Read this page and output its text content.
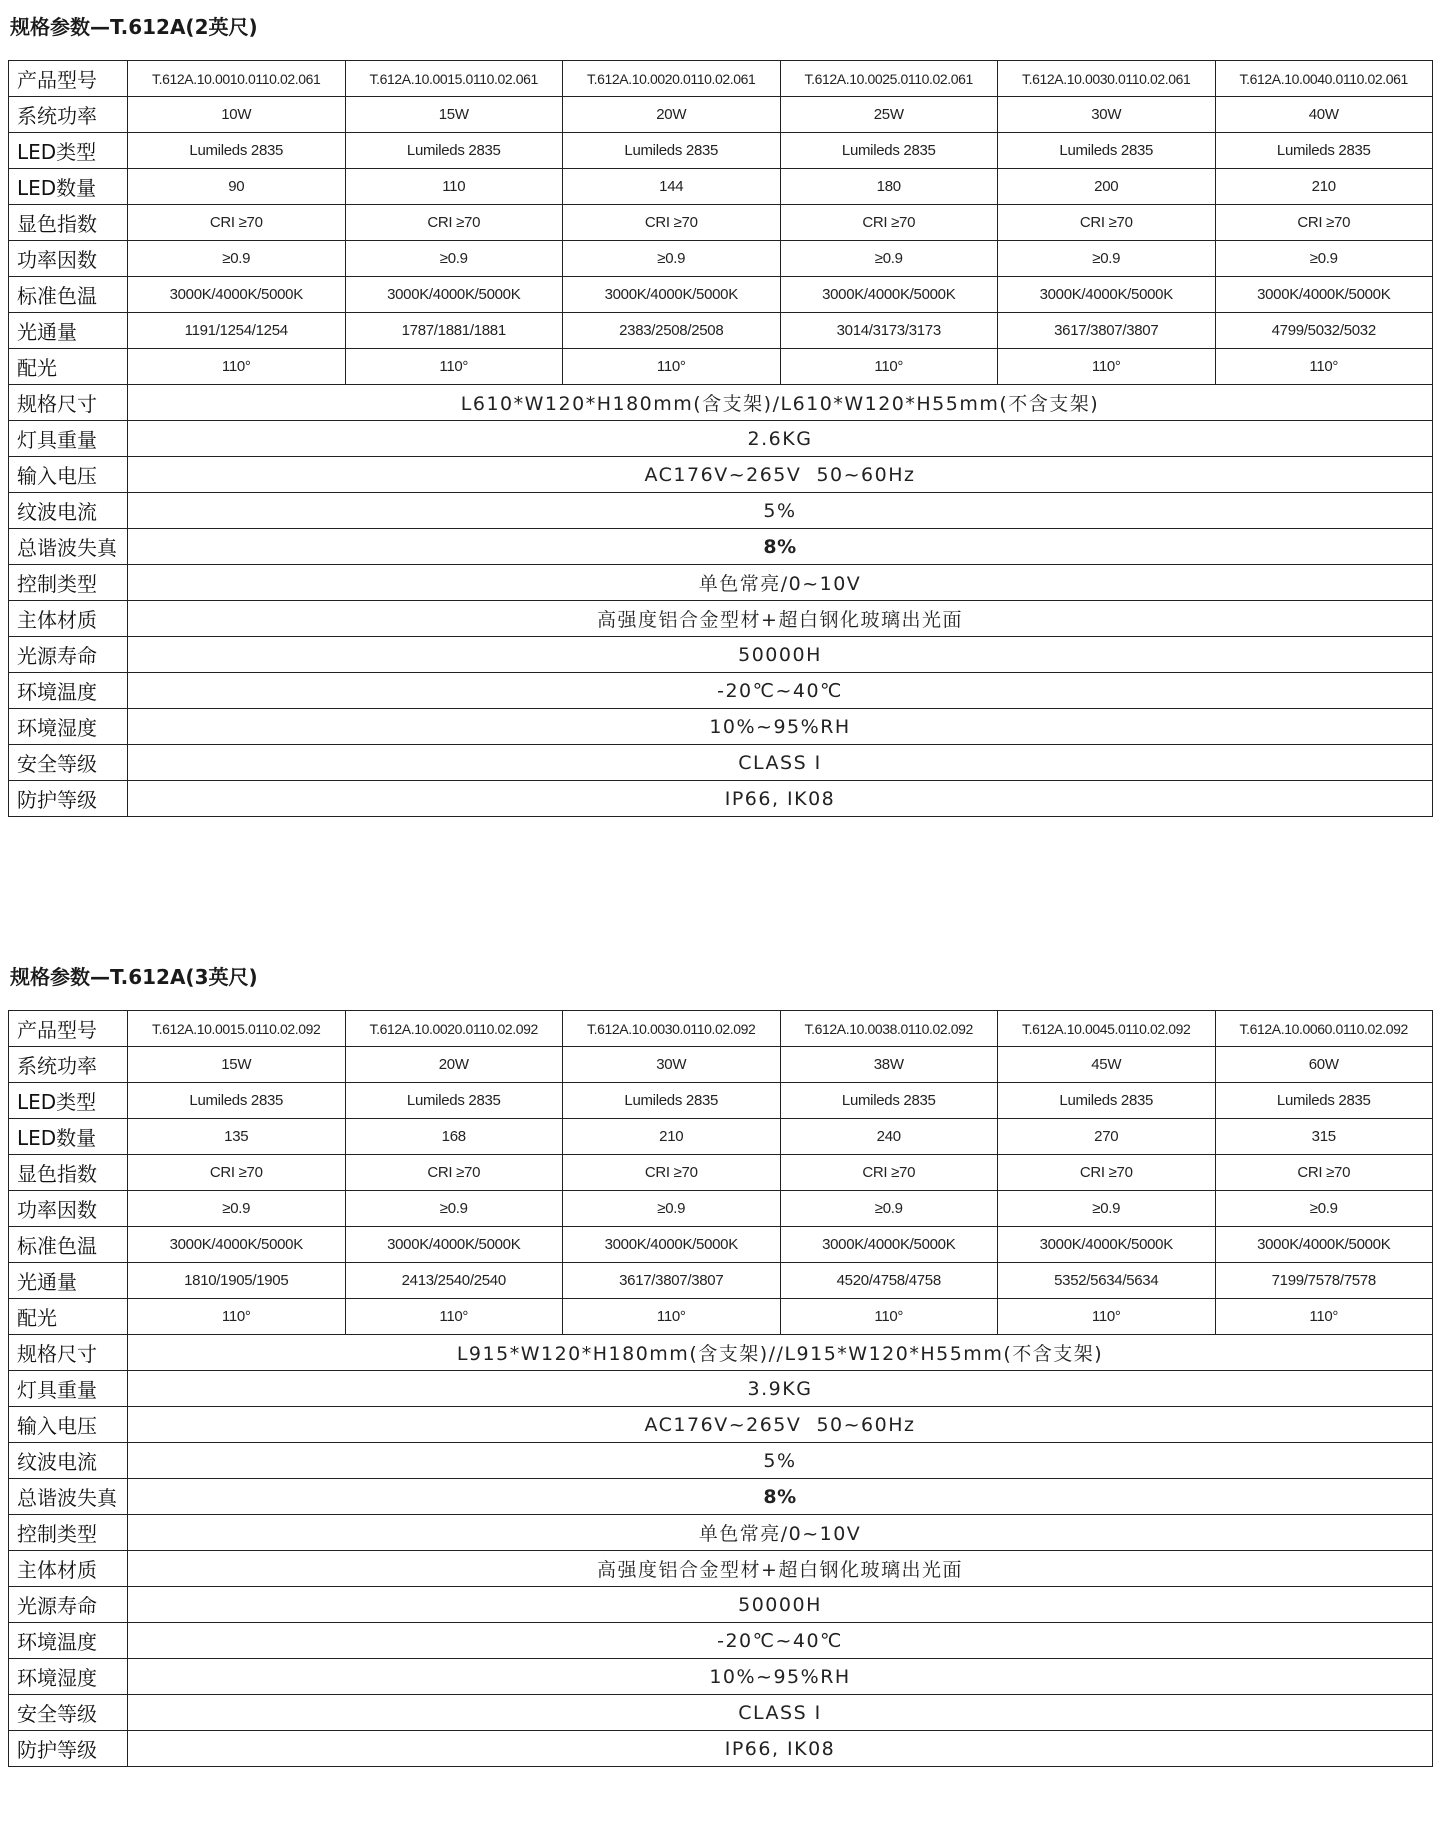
规格参数—T.612A(2英尺)
产品型号	T.612A.10.0010.0110.02.061	T.612A.10.0015.0110.02.061	T.612A.10.0020.0110.02.061	T.612A.10.0025.0110.02.061	T.612A.10.0030.0110.02.061	T.612A.10.0040.0110.02.061
系统功率	10W	15W	20W	25W	30W	40W
LED类型	Lumileds 2835	Lumileds 2835	Lumileds 2835	Lumileds 2835	Lumileds 2835	Lumileds 2835
LED数量	90	110	144	180	200	210
显色指数	CRI ≥70	CRI ≥70	CRI ≥70	CRI ≥70	CRI ≥70	CRI ≥70
功率因数	≥0.9	≥0.9	≥0.9	≥0.9	≥0.9	≥0.9
标准色温	3000K/4000K/5000K	3000K/4000K/5000K	3000K/4000K/5000K	3000K/4000K/5000K	3000K/4000K/5000K	3000K/4000K/5000K
光通量	1191/1254/1254	1787/1881/1881	2383/2508/2508	3014/3173/3173	3617/3807/3807	4799/5032/5032
配光	110°	110°	110°	110°	110°	110°
规格尺寸	L610*W120*H180mm(含支架)/L610*W120*H55mm(不含支架)					
灯具重量	2.6KG					
输入电压	AC176V~265V  50~60Hz					
纹波电流	5%					
总谐波失真	8%					
控制类型	单色常亮/0~10V					
主体材质	高强度铝合金型材+超白钢化玻璃出光面					
光源寿命	50000H					
环境温度	-20℃~40℃					
环境湿度	10%~95%RH					
安全等级	CLASS Ⅰ					
防护等级	IP66, IK08					
规格参数—T.612A(3英尺)
产品型号	T.612A.10.0015.0110.02.092	T.612A.10.0020.0110.02.092	T.612A.10.0030.0110.02.092	T.612A.10.0038.0110.02.092	T.612A.10.0045.0110.02.092	T.612A.10.0060.0110.02.092
系统功率	15W	20W	30W	38W	45W	60W
LED类型	Lumileds 2835	Lumileds 2835	Lumileds 2835	Lumileds 2835	Lumileds 2835	Lumileds 2835
LED数量	135	168	210	240	270	315
显色指数	CRI ≥70	CRI ≥70	CRI ≥70	CRI ≥70	CRI ≥70	CRI ≥70
功率因数	≥0.9	≥0.9	≥0.9	≥0.9	≥0.9	≥0.9
标准色温	3000K/4000K/5000K	3000K/4000K/5000K	3000K/4000K/5000K	3000K/4000K/5000K	3000K/4000K/5000K	3000K/4000K/5000K
光通量	1810/1905/1905	2413/2540/2540	3617/3807/3807	4520/4758/4758	5352/5634/5634	7199/7578/7578
配光	110°	110°	110°	110°	110°	110°
规格尺寸	L915*W120*H180mm(含支架)//L915*W120*H55mm(不含支架)					
灯具重量	3.9KG					
输入电压	AC176V~265V  50~60Hz					
纹波电流	5%					
总谐波失真	8%					
控制类型	单色常亮/0~10V					
主体材质	高强度铝合金型材+超白钢化玻璃出光面					
光源寿命	50000H					
环境温度	-20℃~40℃					
环境湿度	10%~95%RH					
安全等级	CLASS Ⅰ					
防护等级	IP66, IK08					
